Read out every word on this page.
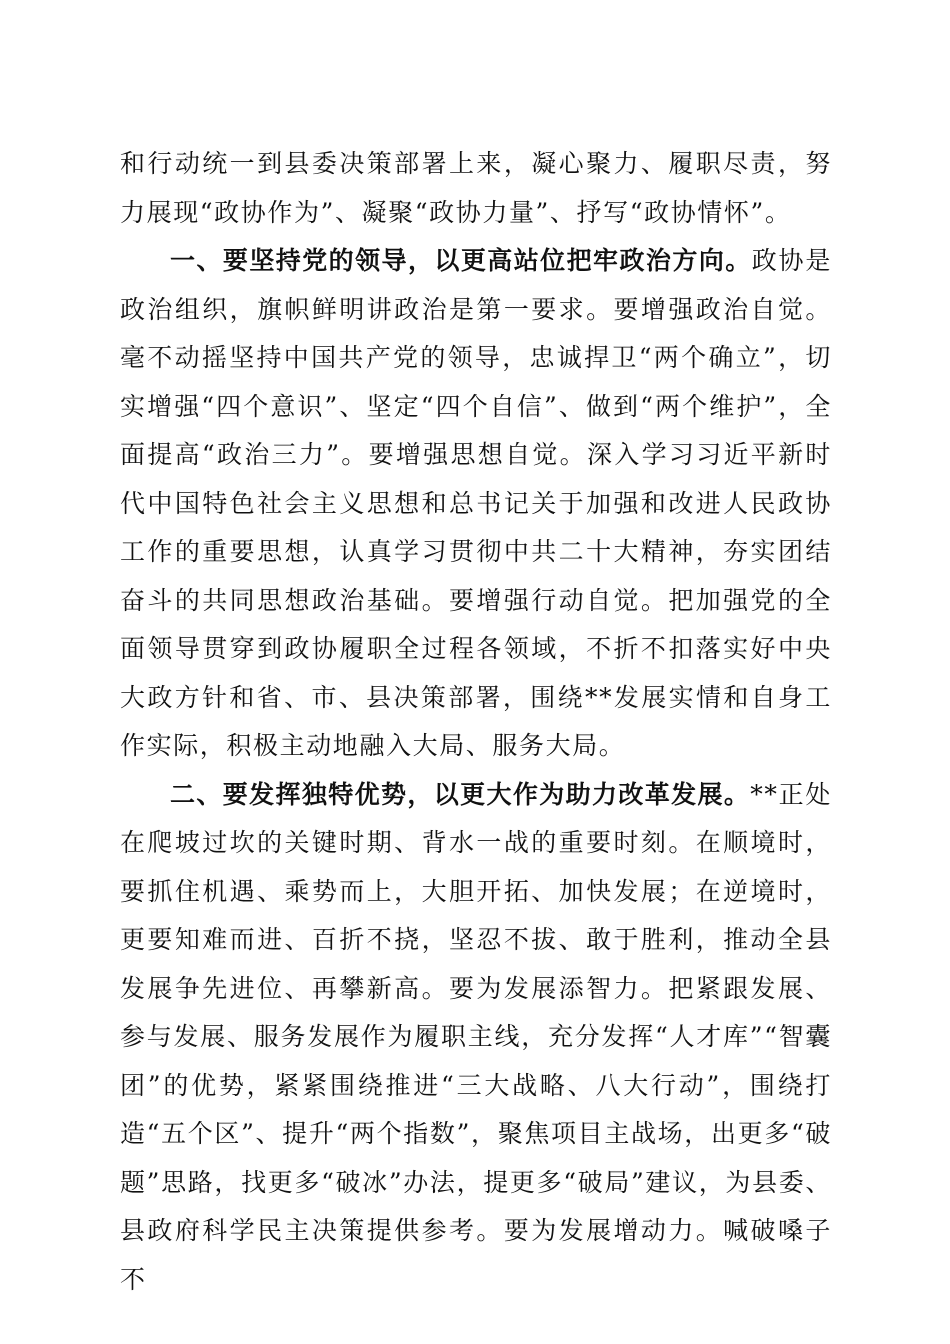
和行动统一到县委决策部署上来，凝心聚力、履职尽责，努力展现“政协作为”、凝聚“政协力量”、抒写“政协情怀”。

一、要坚持党的领导，以更高站位把牢政治方向。政协是政治组织，旗帜鲜明讲政治是第一要求。要增强政治自觉。毫不动摇坚持中国共产党的领导，忠诚捍卫“两个确立”，切实增强“四个意识”、坚定“四个自信”、做到“两个维护”，全面提高“政治三力”。要增强思想自觉。深入学习习近平新时代中国特色社会主义思想和总书记关于加强和改进人民政协工作的重要思想，认真学习贯彻中共二十大精神，夯实团结奋斗的共同思想政治基础。要增强行动自觉。把加强党的全面领导贯穿到政协履职全过程各领域，不折不扣落实好中央大政方针和省、市、县决策部署，围绕**发展实情和自身工作实际，积极主动地融入大局、服务大局。

二、要发挥独特优势，以更大作为助力改革发展。**正处在爬坡过坎的关键时期、背水一战的重要时刻。在顺境时，要抓住机遇、乘势而上，大胆开拓、加快发展；在逆境时，更要知难而进、百折不挠，坚忍不拔、敢于胜利，推动全县发展争先进位、再攀新高。要为发展添智力。把紧跟发展、参与发展、服务发展作为履职主线，充分发挥“人才库”“智囊团”的优势，紧紧围绕推进“三大战略、八大行动”，围绕打造“五个区”、提升“两个指数”，聚焦项目主战场，出更多“破题”思路，找更多“破冰”办法，提更多“破局”建议，为县委、县政府科学民主决策提供参考。要为发展增动力。喊破嗓子不
